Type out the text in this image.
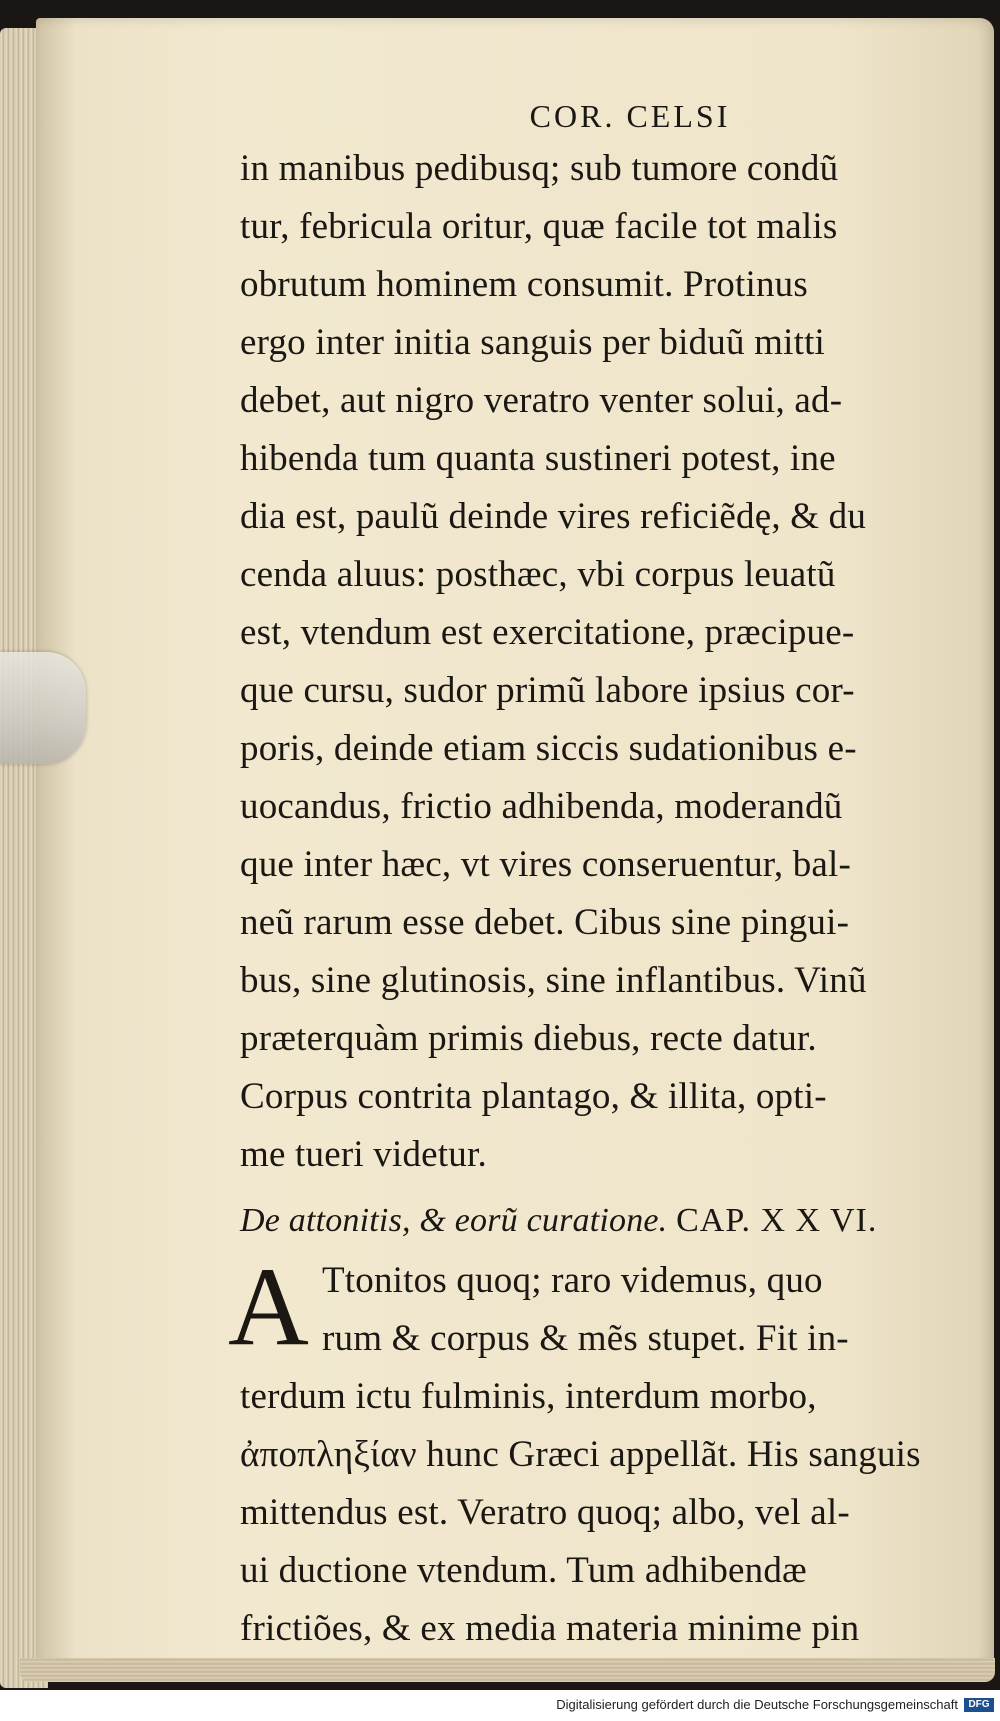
COR. CELSI
in manibus pedibusq; sub tumore condũ
tur, febricula oritur, quæ facile tot malis
obrutum hominem consumit. Protinus
ergo inter initia sanguis per biduũ mitti
debet, aut nigro veratro venter solui, ad-
hibenda tum quanta sustineri potest, ine
dia est, paulũ deinde vires reficiẽdę, & du
cenda aluus: posthæc, vbi corpus leuatũ
est, vtendum est exercitatione, præcipue-
que cursu, sudor primũ labore ipsius cor-
poris, deinde etiam siccis sudationibus e-
uocandus, frictio adhibenda, moderandũ
que inter hæc, vt vires conseruentur, bal-
neũ rarum esse debet. Cibus sine pingui-
bus, sine glutinosis, sine inflantibus. Vinũ
præterquàm primis diebus, recte datur.
Corpus contrita plantago, & illita, opti-
me tueri videtur.
De attonitis, & eorũ curatione. CAP. X X VI.
A Ttonitos quoq; raro videmus, quo
rum & corpus & mẽs stupet. Fit in-
terdum ictu fulminis, interdum morbo,
ἀποπληξίαν hunc Græci appellãt. His sanguis
mittendus est. Veratro quoq; albo, vel al-
ui ductione vtendum. Tum adhibendæ
frictiões, & ex media materia minime pin
Digitalisierung gefördert durch die Deutsche Forschungsgemeinschaft	DFG
